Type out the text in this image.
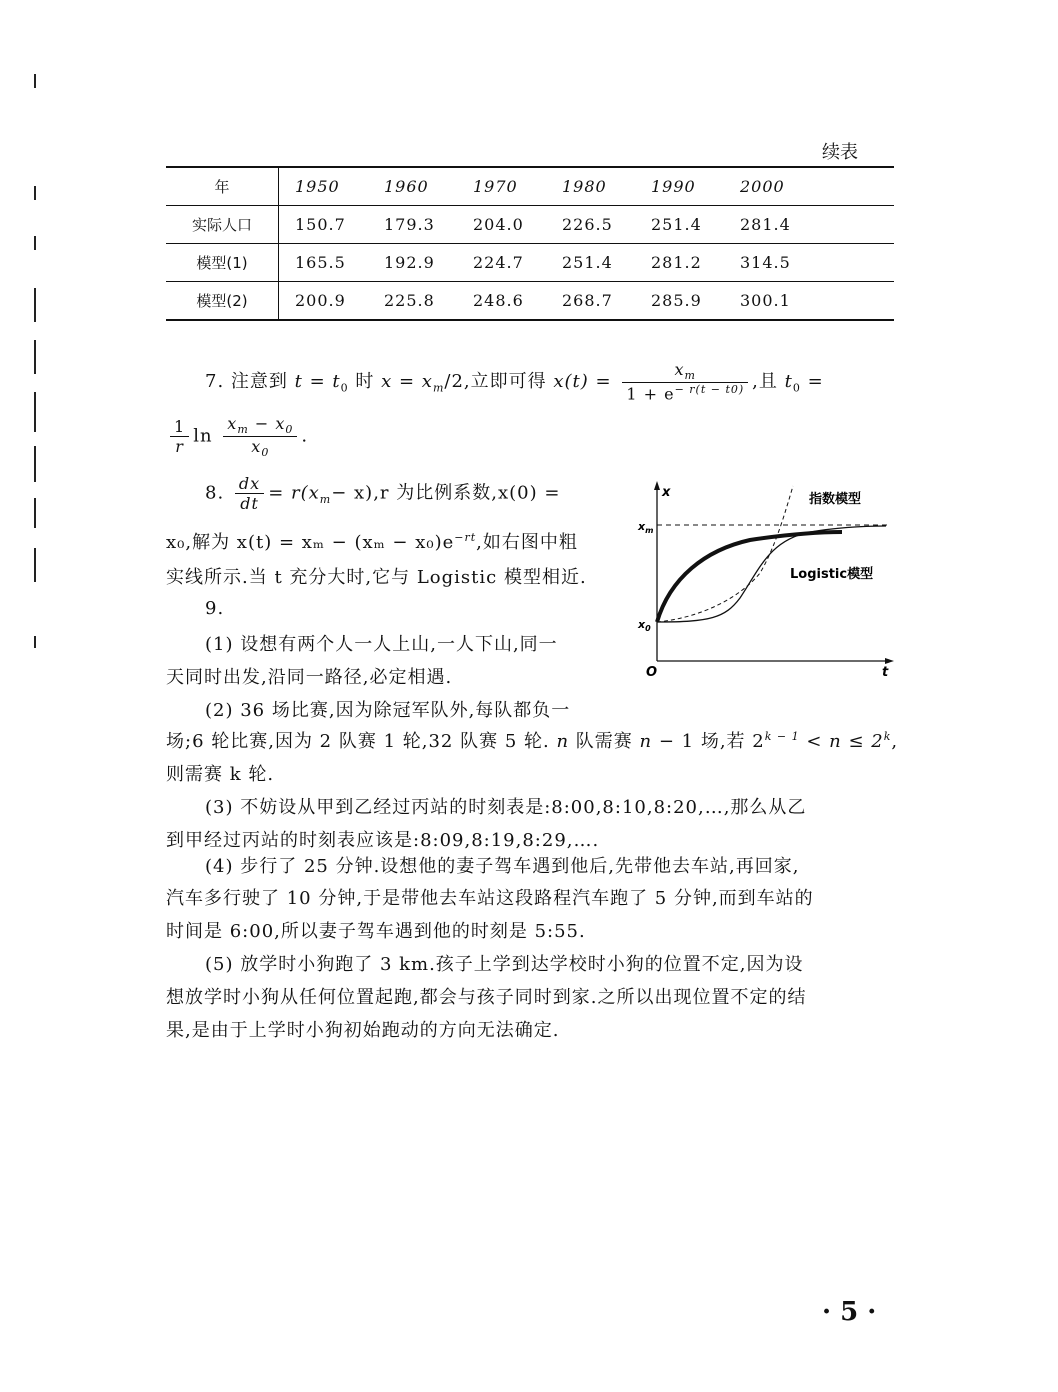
续表
年	1950	1960	1970	1980	1990	2000	
实际人口	150.7	179.3	204.0	226.5	251.4	281.4	
模型(1)	165.5	192.9	224.7	251.4	281.2	314.5	
模型(2)	200.9	225.8	248.6	268.7	285.9	300.1	
7. 注意到 $t = t_0$ 时 $x = x_m/2$,立即可得 $x(t) = \frac{x_m}{1 + e^{- r(t - t0)}}$ ,且 $t_0$ =
$\frac{1}{r}$ $\ln \frac{x_m - x_0}{x_0}$ .
8. $\frac{dx}{dt} = r(x_m- x),r$ 为比例系数,x(0) =
x₀,解为 $x(t) = x_m - (x_m - x_0)e^{-rt}$,如右图中粗
实线所示.当 t 充分大时,它与 Logistic 模型相近.
9.
(1) 设想有两个人一人上山,一人下山,同一
天同时出发,沿同一路径,必定相遇.
(2) 36 场比赛,因为除冠军队外,每队都负一
场;6 轮比赛,因为 2 队赛 1 轮,32 队赛 5 轮. n 队需赛 n − 1 场,若 $2^{k - 1} < n \le 2^k$,
则需赛 k 轮.
(3) 不妨设从甲到乙经过丙站的时刻表是:8:00,8:10,8:20,…,那么从乙
到甲经过丙站的时刻表应该是:8:09,8:19,8:29,….
(4) 步行了 25 分钟.设想他的妻子驾车遇到他后,先带他去车站,再回家,
汽车多行驶了 10 分钟,于是带他去车站这段路程汽车跑了 5 分钟,而到车站的
时间是 6:00,所以妻子驾车遇到他的时刻是 5:55.
(5) 放学时小狗跑了 3 km.孩子上学到达学校时小狗的位置不定,因为设
想放学时小狗从任何位置起跑,都会与孩子同时到家.之所以出现位置不定的结
果,是由于上学时小狗初始跑动的方向无法确定.
x
t
O
$x_m$
$x_0$
指数模型
Logistic模型
· 5 ·
